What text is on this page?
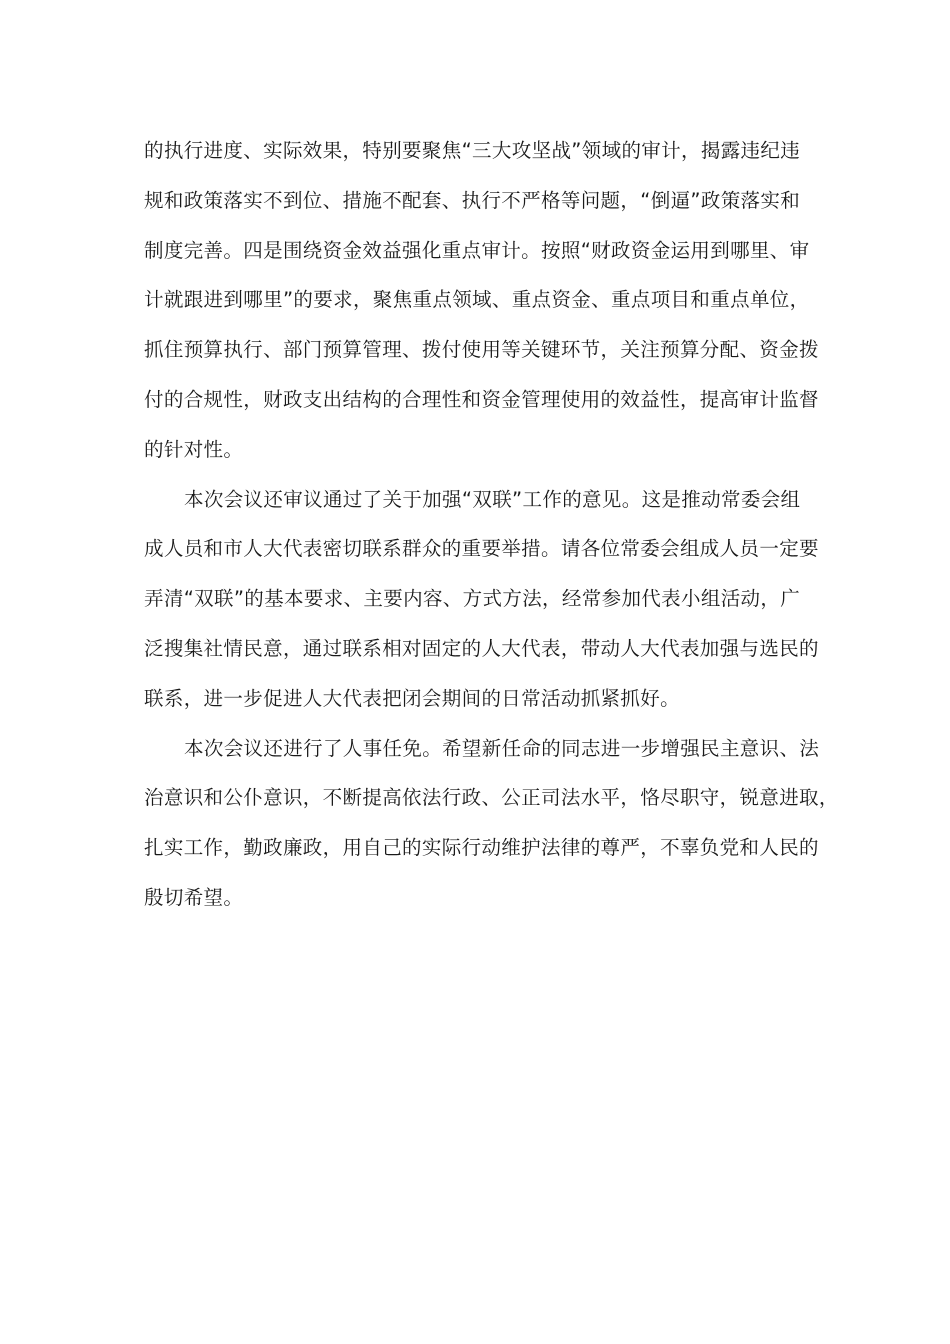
的执行进度、实际效果，特别要聚焦“三大攻坚战”领域的审计，揭露违纪违
规和政策落实不到位、措施不配套、执行不严格等问题，“倒逼”政策落实和
制度完善。四是围绕资金效益强化重点审计。按照“财政资金运用到哪里、审
计就跟进到哪里”的要求，聚焦重点领域、重点资金、重点项目和重点单位，
抓住预算执行、部门预算管理、拨付使用等关键环节，关注预算分配、资金拨
付的合规性，财政支出结构的合理性和资金管理使用的效益性，提高审计监督
的针对性。

本次会议还审议通过了关于加强“双联”工作的意见。这是推动常委会组
成人员和市人大代表密切联系群众的重要举措。请各位常委会组成人员一定要
弄清“双联”的基本要求、主要内容、方式方法，经常参加代表小组活动，广
泛搜集社情民意，通过联系相对固定的人大代表，带动人大代表加强与选民的
联系，进一步促进人大代表把闭会期间的日常活动抓紧抓好。

本次会议还进行了人事任免。希望新任命的同志进一步增强民主意识、法
治意识和公仆意识，不断提高依法行政、公正司法水平，恪尽职守，锐意进取，
扎实工作，勤政廉政，用自己的实际行动维护法律的尊严，不辜负党和人民的
殷切希望。
